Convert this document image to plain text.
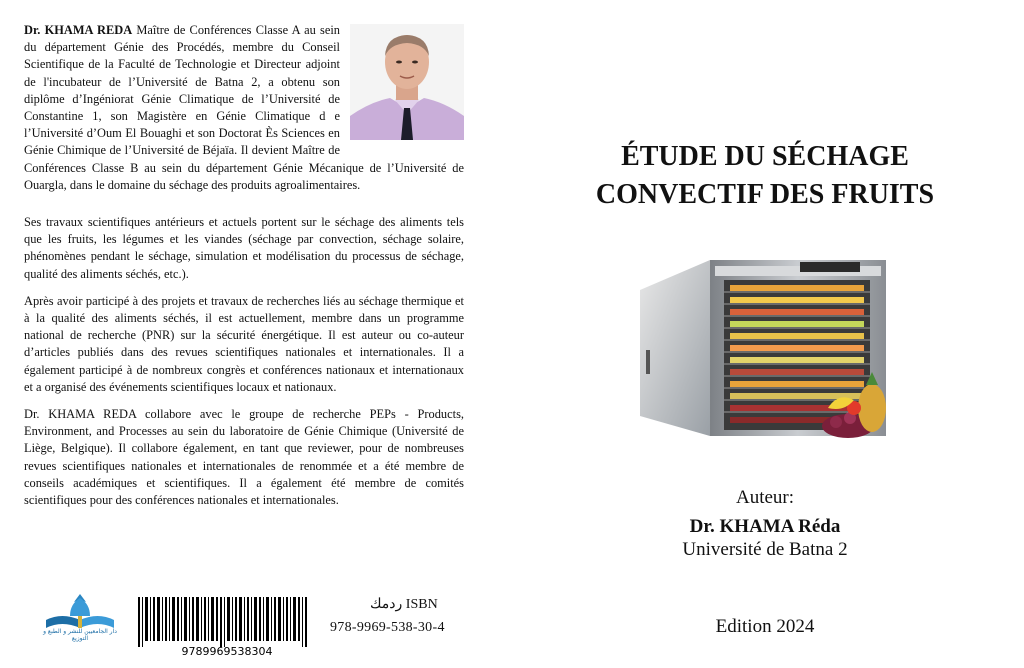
Dr. KHAMA REDA Maître de Conférences Classe A au sein du département Génie des Procédés, membre du Conseil Scientifique de la Faculté de Technologie et Directeur adjoint de l'incubateur de l’Université de Batna 2, a obtenu son diplôme d’Ingéniorat Génie Climatique de l’Université de Constantine 1, son Magistère en Génie Climatique d e l’Université d’Oum El Bouaghi et son Doctorat Ès Sciences en Génie Chimique de l’Université de Béjaïa. Il devient Maître de Conférences Classe B au sein du département Génie Mécanique de l’Université de Ouargla, dans le domaine du séchage des produits agroalimentaires.

Ses travaux scientifiques antérieurs et actuels portent sur le séchage des aliments tels que les fruits, les légumes et les viandes (séchage par convection, séchage solaire, phénomènes pendant le séchage, simulation et modélisation du processus de séchage, qualité des aliments séchés, etc.).

Après avoir participé à des projets et travaux de recherches liés au séchage thermique et à la qualité des aliments séchés, il est actuellement, membre dans un programme national de recherche (PNR) sur la sécurité énergétique. Il est auteur ou co-auteur d’articles publiés dans des revues scientifiques nationales et internationales. Il a également participé à de nombreux congrès et conférences nationaux et internationaux et a organisé des événements scientifiques locaux et nationaux.

Dr. KHAMA REDA collabore avec le groupe de recherche PEPs - Products, Environment, and Processes au sein du laboratoire de Génie Chimique (Université de Liège, Belgique). Il collabore également, en tant que reviewer, pour de nombreuses revues scientifiques nationales et internationales de renommée et a été membre de conseils académiques et scientifiques. Il a également été membre de comités scientifiques pour des conférences nationales et internationales.

دار الجامعيين للنشر و الطبع و التوزيع
9789969538304
ردمك ISBN
978-9969-538-30-4
ÉTUDE DU SÉCHAGE
CONVECTIF DES FRUITS
Auteur:
Dr. KHAMA Réda
Université de Batna 2
Edition 2024
